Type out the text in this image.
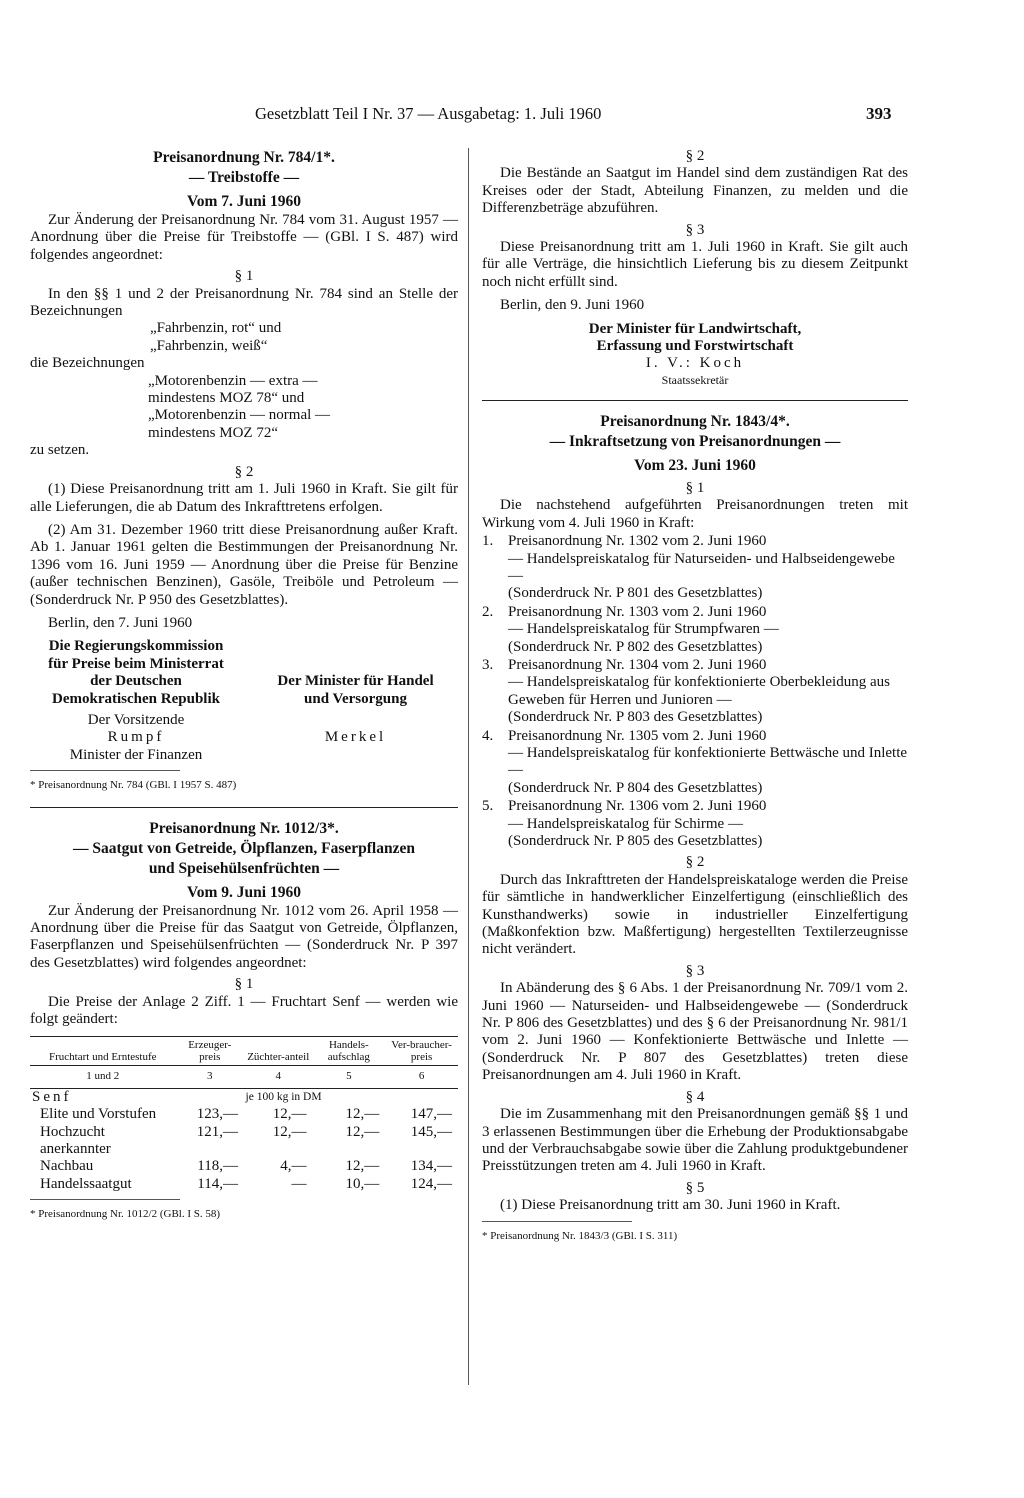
Gesetzblatt Teil I Nr. 37 — Ausgabetag: 1. Juli 1960	393
Preisanordnung Nr. 784/1*.
— Treibstoffe —
Vom 7. Juni 1960
Zur Änderung der Preisanordnung Nr. 784 vom 31. August 1957 — Anordnung über die Preise für Treibstoffe — (GBl. I S. 487) wird folgendes angeordnet:
§ 1
In den §§ 1 und 2 der Preisanordnung Nr. 784 sind an Stelle der Bezeichnungen
„Fahrbenzin, rot“ und
„Fahrbenzin, weiß“
die Bezeichnungen
„Motorenbenzin — extra —
mindestens MOZ 78“ und
„Motorenbenzin — normal —
mindestens MOZ 72“
zu setzen.
§ 2
(1) Diese Preisanordnung tritt am 1. Juli 1960 in Kraft. Sie gilt für alle Lieferungen, die ab Datum des Inkrafttretens erfolgen.
(2) Am 31. Dezember 1960 tritt diese Preisanordnung außer Kraft. Ab 1. Januar 1961 gelten die Bestimmungen der Preisanordnung Nr. 1396 vom 16. Juni 1959 — Anordnung über die Preise für Benzine (außer technischen Benzinen), Gasöle, Treiböle und Petroleum — (Sonderdruck Nr. P 950 des Gesetzblattes).
Berlin, den 7. Juni 1960
Die Regierungskommission
für Preise beim Ministerrat
der Deutschen
Demokratischen Republik
Der Vorsitzende
Rumpf
Minister der Finanzen
Der Minister für Handel
und Versorgung
Merkel
* Preisanordnung Nr. 784 (GBl. I 1957 S. 487)
Preisanordnung Nr. 1012/3*.
— Saatgut von Getreide, Ölpflanzen, Faserpflanzen
und Speisehülsenfrüchten —
Vom 9. Juni 1960
Zur Änderung der Preisanordnung Nr. 1012 vom 26. April 1958 — Anordnung über die Preise für das Saatgut von Getreide, Ölpflanzen, Faserpflanzen und Speisehülsenfrüchten — (Sonderdruck Nr. P 397 des Gesetzblattes) wird folgendes angeordnet:
§ 1
Die Preise der Anlage 2 Ziff. 1 — Fruchtart Senf — werden wie folgt geändert:
Fruchtart und Erntestufe	Erzeuger-preis	Züchter-anteil	Handels-aufschlag	Ver-braucher-preis
1 und 2	3	4	5	6
Senf	je 100 kg in DM			
Elite und Vorstufen	123,—	12,—	12,—	147,—
Hochzucht	121,—	12,—	12,—	145,—
anerkannter				
Nachbau	118,—	4,—	12,—	134,—
Handelssaatgut	114,—	—	10,—	124,—
* Preisanordnung Nr. 1012/2 (GBl. I S. 58)
§ 2
Die Bestände an Saatgut im Handel sind dem zuständigen Rat des Kreises oder der Stadt, Abteilung Finanzen, zu melden und die Differenzbeträge abzuführen.
§ 3
Diese Preisanordnung tritt am 1. Juli 1960 in Kraft. Sie gilt auch für alle Verträge, die hinsichtlich Lieferung bis zu diesem Zeitpunkt noch nicht erfüllt sind.
Berlin, den 9. Juni 1960
Der Minister für Landwirtschaft,
Erfassung und Forstwirtschaft
I. V.: Koch
Staatssekretär
Preisanordnung Nr. 1843/4*.
— Inkraftsetzung von Preisanordnungen —
Vom 23. Juni 1960
§ 1
Die nachstehend aufgeführten Preisanordnungen treten mit Wirkung vom 4. Juli 1960 in Kraft:
1. Preisanordnung Nr. 1302 vom 2. Juni 1960
— Handelspreiskatalog für Naturseiden- und Halbseidengewebe —
(Sonderdruck Nr. P 801 des Gesetzblattes)
2. Preisanordnung Nr. 1303 vom 2. Juni 1960
— Handelspreiskatalog für Strumpfwaren —
(Sonderdruck Nr. P 802 des Gesetzblattes)
3. Preisanordnung Nr. 1304 vom 2. Juni 1960
— Handelspreiskatalog für konfektionierte Oberbekleidung aus Geweben für Herren und Junioren —
(Sonderdruck Nr. P 803 des Gesetzblattes)
4. Preisanordnung Nr. 1305 vom 2. Juni 1960
— Handelspreiskatalog für konfektionierte Bettwäsche und Inlette —
(Sonderdruck Nr. P 804 des Gesetzblattes)
5. Preisanordnung Nr. 1306 vom 2. Juni 1960
— Handelspreiskatalog für Schirme —
(Sonderdruck Nr. P 805 des Gesetzblattes)
§ 2
Durch das Inkrafttreten der Handelspreiskataloge werden die Preise für sämtliche in handwerklicher Einzelfertigung (einschließlich des Kunsthandwerks) sowie in industrieller Einzelfertigung (Maßkonfektion bzw. Maßfertigung) hergestellten Textilerzeugnisse nicht verändert.
§ 3
In Abänderung des § 6 Abs. 1 der Preisanordnung Nr. 709/1 vom 2. Juni 1960 — Naturseiden- und Halbseidengewebe — (Sonderdruck Nr. P 806 des Gesetzblattes) und des § 6 der Preisanordnung Nr. 981/1 vom 2. Juni 1960 — Konfektionierte Bettwäsche und Inlette — (Sonderdruck Nr. P 807 des Gesetzblattes) treten diese Preisanordnungen am 4. Juli 1960 in Kraft.
§ 4
Die im Zusammenhang mit den Preisanordnungen gemäß §§ 1 und 3 erlassenen Bestimmungen über die Erhebung der Produktionsabgabe und der Verbrauchsabgabe sowie über die Zahlung produktgebundener Preisstützungen treten am 4. Juli 1960 in Kraft.
§ 5
(1) Diese Preisanordnung tritt am 30. Juni 1960 in Kraft.
* Preisanordnung Nr. 1843/3 (GBl. I S. 311)
